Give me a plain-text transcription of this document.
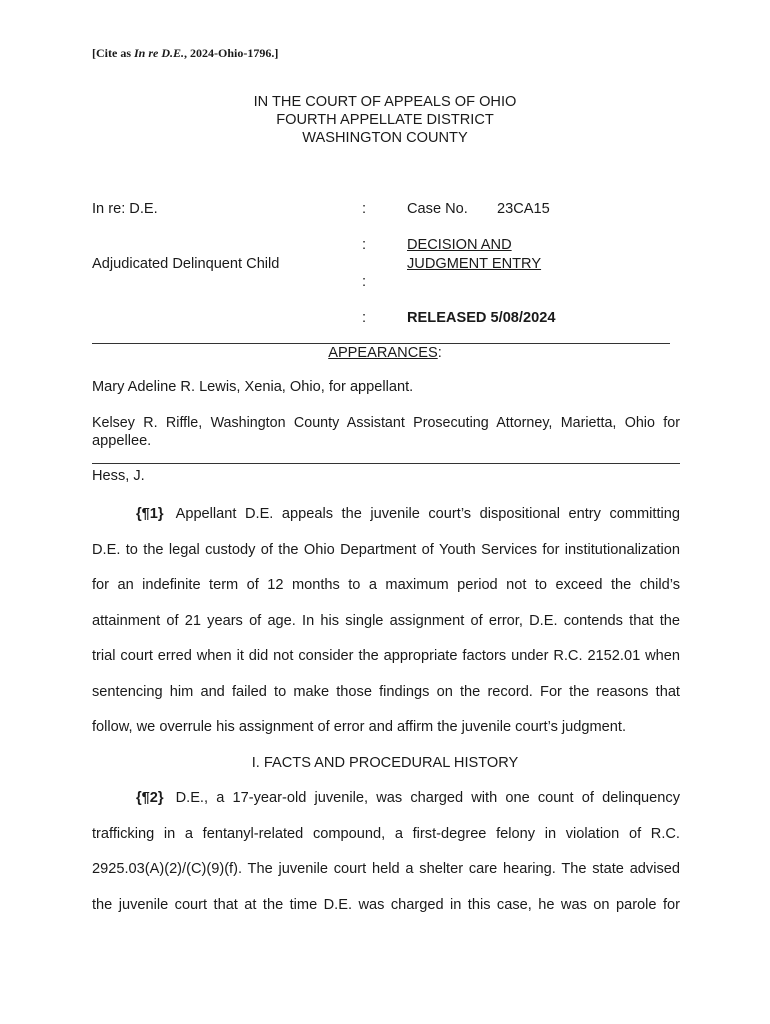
[Cite as In re D.E., 2024-Ohio-1796.]
IN THE COURT OF APPEALS OF OHIO
FOURTH APPELLATE DISTRICT
WASHINGTON COUNTY
In re: D.E.
Adjudicated Delinquent Child
:
:
:
:
Case No. 23CA15
DECISION AND
JUDGMENT ENTRY
RELEASED 5/08/2024
APPEARANCES:
Mary Adeline R. Lewis, Xenia, Ohio, for appellant.
Kelsey R. Riffle, Washington County Assistant Prosecuting Attorney, Marietta, Ohio for
appellee.
Hess, J.
{¶1} Appellant D.E. appeals the juvenile court’s dispositional entry committing
D.E. to the legal custody of the Ohio Department of Youth Services for institutionalization
for an indefinite term of 12 months to a maximum period not to exceed the child’s
attainment of 21 years of age. In his single assignment of error, D.E. contends that the
trial court erred when it did not consider the appropriate factors under R.C. 2152.01 when
sentencing him and failed to make those findings on the record. For the reasons that
follow, we overrule his assignment of error and affirm the juvenile court’s judgment.
I. FACTS AND PROCEDURAL HISTORY
{¶2} D.E., a 17-year-old juvenile, was charged with one count of delinquency
trafficking in a fentanyl-related compound, a first-degree felony in violation of R.C.
2925.03(A)(2)/(C)(9)(f). The juvenile court held a shelter care hearing. The state advised
the juvenile court that at the time D.E. was charged in this case, he was on parole for
